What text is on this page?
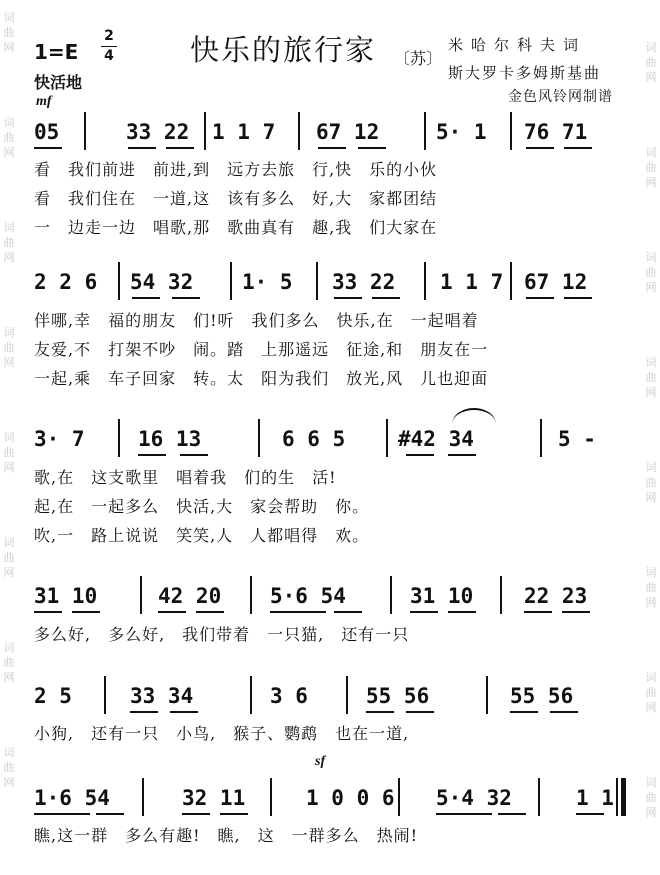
词曲网
词曲网
词曲网
词曲网
词曲网
词曲网
词曲网
词曲网
词曲网
词曲网
词曲网
词曲网
词曲网
词曲网
词曲网
词曲网
1=E
2
4	快乐的旅行家 〔苏〕
米哈尔科夫词
斯大罗卡多姆斯基曲
金色风铃网制谱
快活地
mf
sf
05	33 22 1 1 7 67 12	5· 1 76 71
看　我们前进　前进,到　远方去旅　行,快　乐的小伙
看　我们住在　一道,这　该有多么　好,大　家都团结
一　边走一边　唱歌,那　歌曲真有　趣,我　们大家在
2 2 6 54 32 1· 5 33 22 1 1 7 67 12
伴哪,幸　福的朋友　们!听　我们多么　快乐,在　一起唱着
友爱,不　打架不吵　闹。踏　上那遥远　征途,和　朋友在一
一起,乘　车子回家　转。太　阳为我们　放光,风　儿也迎面
3· 7	16 13	6 6 5	#42 34	5 -
歌,在　这支歌里　唱着我　们的生　活!
起,在　一起多么　快活,大　家会帮助　你。
吹,一　路上说说　笑笑,人　人都唱得　欢。
31 10	42 20 5·6 54	31 10 22 23
多么好,　多么好,　我们带着　一只猫,　还有一只
2 5	33 34	3 6	55 56	55 56
小狗,　还有一只　小鸟,　猴子、鹦鹉　也在一道,
1·6 54	32 11	1 0 0 6 5·4 32	1 1
瞧,这一群　多么有趣!　瞧,　这　一群多么　热闹!
